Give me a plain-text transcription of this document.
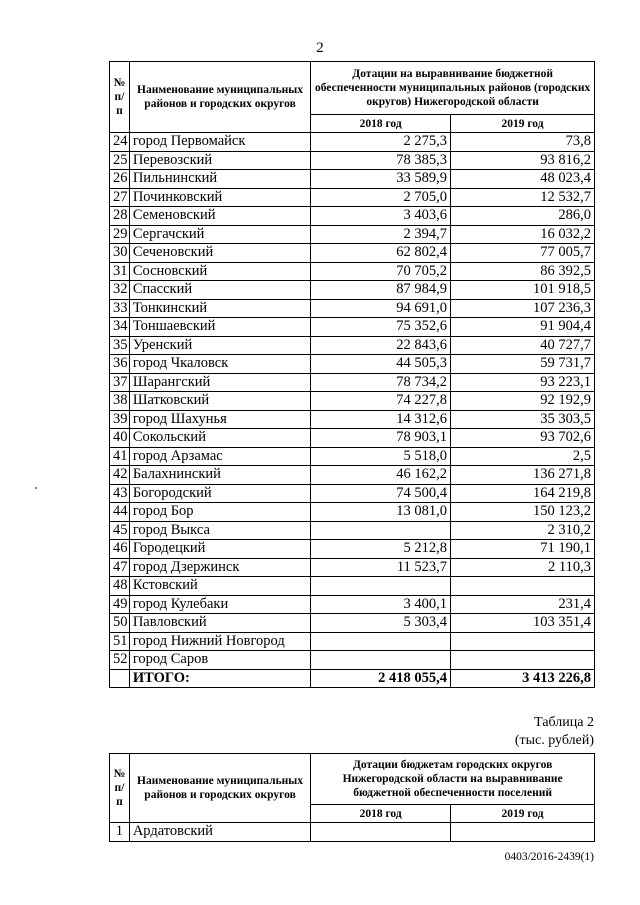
2
№ п/п	Наименование муниципальных районов и городских округов	Дотации на выравнивание бюджетной обеспеченности муниципальных районов (городских округов) Нижегородской области	
		2018 год	2019 год
24	город Первомайск	2 275,3	73,8
25	Перевозский	78 385,3	93 816,2
26	Пильнинский	33 589,9	48 023,4
27	Починковский	2 705,0	12 532,7
28	Семеновский	3 403,6	286,0
29	Сергачский	2 394,7	16 032,2
30	Сеченовский	62 802,4	77 005,7
31	Сосновский	70 705,2	86 392,5
32	Спасский	87 984,9	101 918,5
33	Тонкинский	94 691,0	107 236,3
34	Тоншаевский	75 352,6	91 904,4
35	Уренский	22 843,6	40 727,7
36	город Чкаловск	44 505,3	59 731,7
37	Шарангский	78 734,2	93 223,1
38	Шатковский	74 227,8	92 192,9
39	город Шахунья	14 312,6	35 303,5
40	Сокольский	78 903,1	93 702,6
41	город Арзамас	5 518,0	2,5
42	Балахнинский	46 162,2	136 271,8
43	Богородский	74 500,4	164 219,8
44	город Бор	13 081,0	150 123,2
45	город Выкса		2 310,2
46	Городецкий	5 212,8	71 190,1
47	город Дзержинск	11 523,7	2 110,3
48	Кстовский		
49	город Кулебаки	3 400,1	231,4
50	Павловский	5 303,4	103 351,4
51	город Нижний Новгород		
52	город Саров		
	ИТОГО:	2 418 055,4	3 413 226,8
Таблица 2
(тыс. рублей)
№ п/п	Наименование муниципальных районов и городских округов	Дотации бюджетам городских округов Нижегородской области на выравнивание бюджетной обеспеченности поселений	
		2018 год	2019 год
1	Ардатовский		
0403/2016-2439(1)
